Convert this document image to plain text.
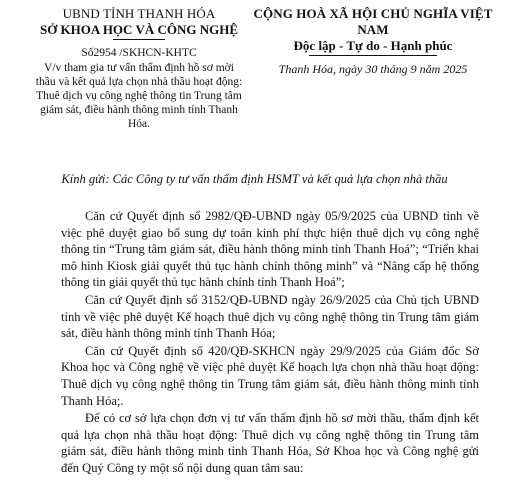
UBND TỈNH THANH HÓA
SỞ KHOA HỌC VÀ CÔNG NGHỆ
Số2954 /SKHCN-KHTC
V/v tham gia tư vấn thẩm định hồ sơ mời thầu và kết quả lựa chọn nhà thầu hoạt động: Thuê dịch vụ công nghệ thông tin Trung tâm giám sát, điều hành thông minh tỉnh Thanh Hóa.
CỘNG HOÀ XÃ HỘI CHỦ NGHĨA VIỆT NAM
Độc lập - Tự do - Hạnh phúc
Thanh Hóa, ngày 30 tháng 9 năm 2025
Kính gửi: Các Công ty tư vấn thẩm định HSMT và kết quả lựa chọn nhà thầu

Căn cứ Quyết định số 2982/QĐ-UBND ngày 05/9/2025 của UBND tỉnh về việc phê duyệt giao bổ sung dự toán kinh phí thực hiện thuê dịch vụ công nghệ thông tin “Trung tâm giám sát, điều hành thông minh tỉnh Thanh Hoá”; “Triển khai mô hình Kiosk giải quyết thủ tục hành chính thông minh” và “Nâng cấp hệ thống thông tin giải quyết thủ tục hành chính tỉnh Thanh Hoá”;

Căn cứ Quyết định số 3152/QĐ-UBND ngày 26/9/2025 của Chủ tịch UBND tỉnh về việc phê duyệt Kế hoạch thuê dịch vụ công nghệ thông tin Trung tâm giám sát, điều hành thông minh tỉnh Thanh Hóa;

Căn cứ Quyết định số 420/QĐ-SKHCN ngày 29/9/2025 của Giám đốc Sở Khoa học và Công nghệ về việc phê duyệt Kế hoạch lựa chọn nhà thầu hoạt động: Thuê dịch vụ công nghệ thông tin Trung tâm giám sát, điều hành thông minh tỉnh Thanh Hóa;.

Để có cơ sở lựa chọn đơn vị tư vấn thẩm định hồ sơ mời thầu, thẩm định kết quả lựa chọn nhà thầu hoạt động: Thuê dịch vụ công nghệ thông tin Trung tâm giám sát, điều hành thông minh tỉnh Thanh Hóa, Sở Khoa học và Công nghệ gửi đến Quý Công ty một số nội dung quan tâm sau:
